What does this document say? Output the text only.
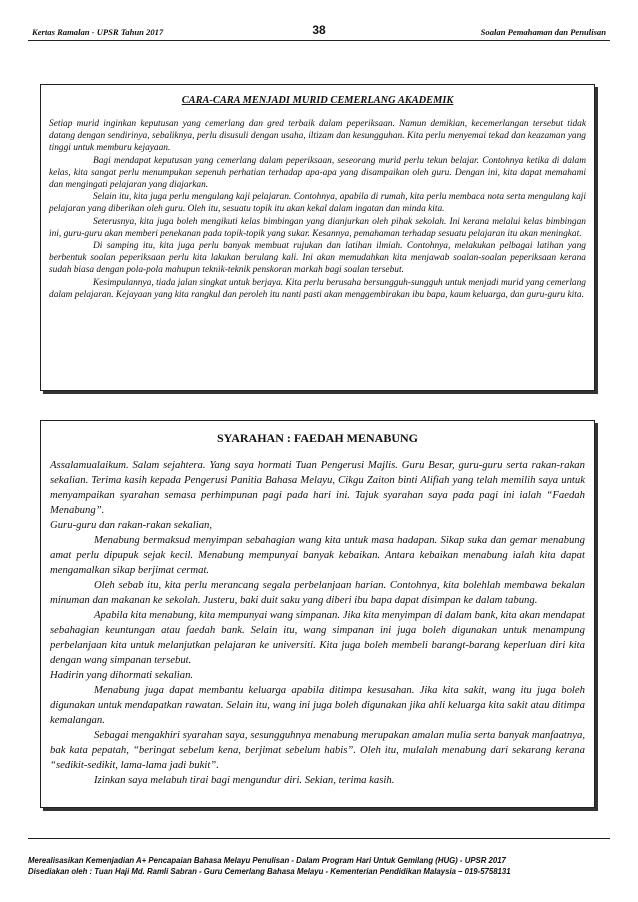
Kertas Ramalan - UPSR Tahun 2017	38	Soalan Pemahaman dan Penulisan
CARA-CARA MENJADI MURID CEMERLANG AKADEMIK

Setiap murid inginkan keputusan yang cemerlang dan gred terbaik dalam peperiksaan. Namun demikian, kecemerlangan tersebut tidak datang dengan sendirinya, sebaliknya, perlu disusuli dengan usaha, iltizam dan kesungguhan. Kita perlu menyemai tekad dan keazaman yang tinggi untuk memburu kejayaan.

Bagi mendapat keputusan yang cemerlang dalam peperiksaan, seseorang murid perlu tekun belajar. Contohnya ketika di dalam kelas, kita sangat perlu menumpukan sepenuh perhatian terhadap apa-apa yang disampaikan oleh guru. Dengan ini, kita dapat memahami dan mengingati pelajaran yang diajarkan.

Selain itu, kita juga perlu mengulang kaji pelajaran. Contohnya, apabila di rumah, kita perlu membaca nota serta mengulang kaji pelajaran yang diberikan oleh guru. Oleh itu, sesuatu topik itu akan kekal dalam ingatan dan minda kita.

Seterusnya, kita juga boleh mengikuti kelas bimbingan yang dianjurkan oleh pihak sekolah. Ini kerana melalui kelas bimbingan ini, guru-guru akan memberi penekanan pada topik-topik yang sukar. Kesannya, pemahaman terhadap sesuatu pelajaran itu akan meningkat.

Di samping itu, kita juga perlu banyak membuat rujukan dan latihan ilmiah. Contohnya, melakukan pelbagai latihan yang berbentuk soalan peperiksaan perlu kita lakukan berulang kali. Ini akan memudahkan kita menjawab soalan-soalan peperiksaan kerana sudah biasa dengan pola-pola mahupun teknik-teknik penskoran markah bagi soalan tersebut.

Kesimpulannya, tiada jalan singkat untuk berjaya. Kita perlu berusaha bersungguh-sungguh untuk menjadi murid yang cemerlang dalam pelajaran. Kejayaan yang kita rangkul dan peroleh itu nanti pasti akan menggembirakan ibu bapa, kaum keluarga, dan guru-guru kita.

SYARAHAN : FAEDAH MENABUNG

Assalamualaikum. Salam sejahtera. Yang saya hormati Tuan Pengerusi Majlis. Guru Besar, guru-guru serta rakan-rakan sekalian. Terima kasih kepada Pengerusi Panitia Bahasa Melayu, Cikgu Zaiton binti Alifiah yang telah memilih saya untuk menyampaikan syarahan semasa perhimpunan pagi pada hari ini. Tajuk syarahan saya pada pagi ini ialah “Faedah Menabung”.

Guru-guru dan rakan-rakan sekalian,

Menabung bermaksud menyimpan sebahagian wang kita untuk masa hadapan. Sikap suka dan gemar menabung amat perlu dipupuk sejak kecil. Menabung mempunyai banyak kebaikan. Antara kebaikan menabung ialah kita dapat mengamalkan sikap berjimat cermat.

Oleh sebab itu, kita perlu merancang segala perbelanjaan harian. Contohnya, kita bolehlah membawa bekalan minuman dan makanan ke sekolah. Justeru, baki duit saku yang diberi ibu bapa dapat disimpan ke dalam tabung.

Apabila kita menabung, kita mempunyai wang simpanan. Jika kita menyimpan di dalam bank, kita akan mendapat sebahagian keuntungan atau faedah bank. Selain itu, wang simpanan ini juga boleh digunakan untuk menampung perbelanjaan kita untuk melanjutkan pelajaran ke universiti. Kita juga boleh membeli barangt-barang keperluan diri kita dengan wang simpanan tersebut.

Hadirin yang dihormati sekalian.

Menabung juga dapat membantu keluarga apabila ditimpa kesusahan. Jika kita sakit, wang itu juga boleh digunakan untuk mendapatkan rawatan. Selain itu, wang ini juga boleh digunakan jika ahli keluarga kita sakit atau ditimpa kemalangan.

Sebagai mengakhiri syarahan saya, sesungguhnya menabung merupakan amalan mulia serta banyak manfaatnya, bak kata pepatah, “beringat sebelum kena, berjimat sebelum habis”. Oleh itu, mulalah menabung dari sekarang kerana “sedikit-sedikit, lama-lama jadi bukit”.

Izinkan saya melabuh tirai bagi mengundur diri. Sekian, terima kasih.

Merealisasikan Kemenjadian A+ Pencapaian Bahasa Melayu Penulisan - Dalam Program Hari Untuk Gemilang (HUG) - UPSR 2017
Disediakan oleh : Tuan Haji Md. Ramli Sabran - Guru Cemerlang Bahasa Melayu - Kementerian Pendidikan Malaysia – 019-5758131
